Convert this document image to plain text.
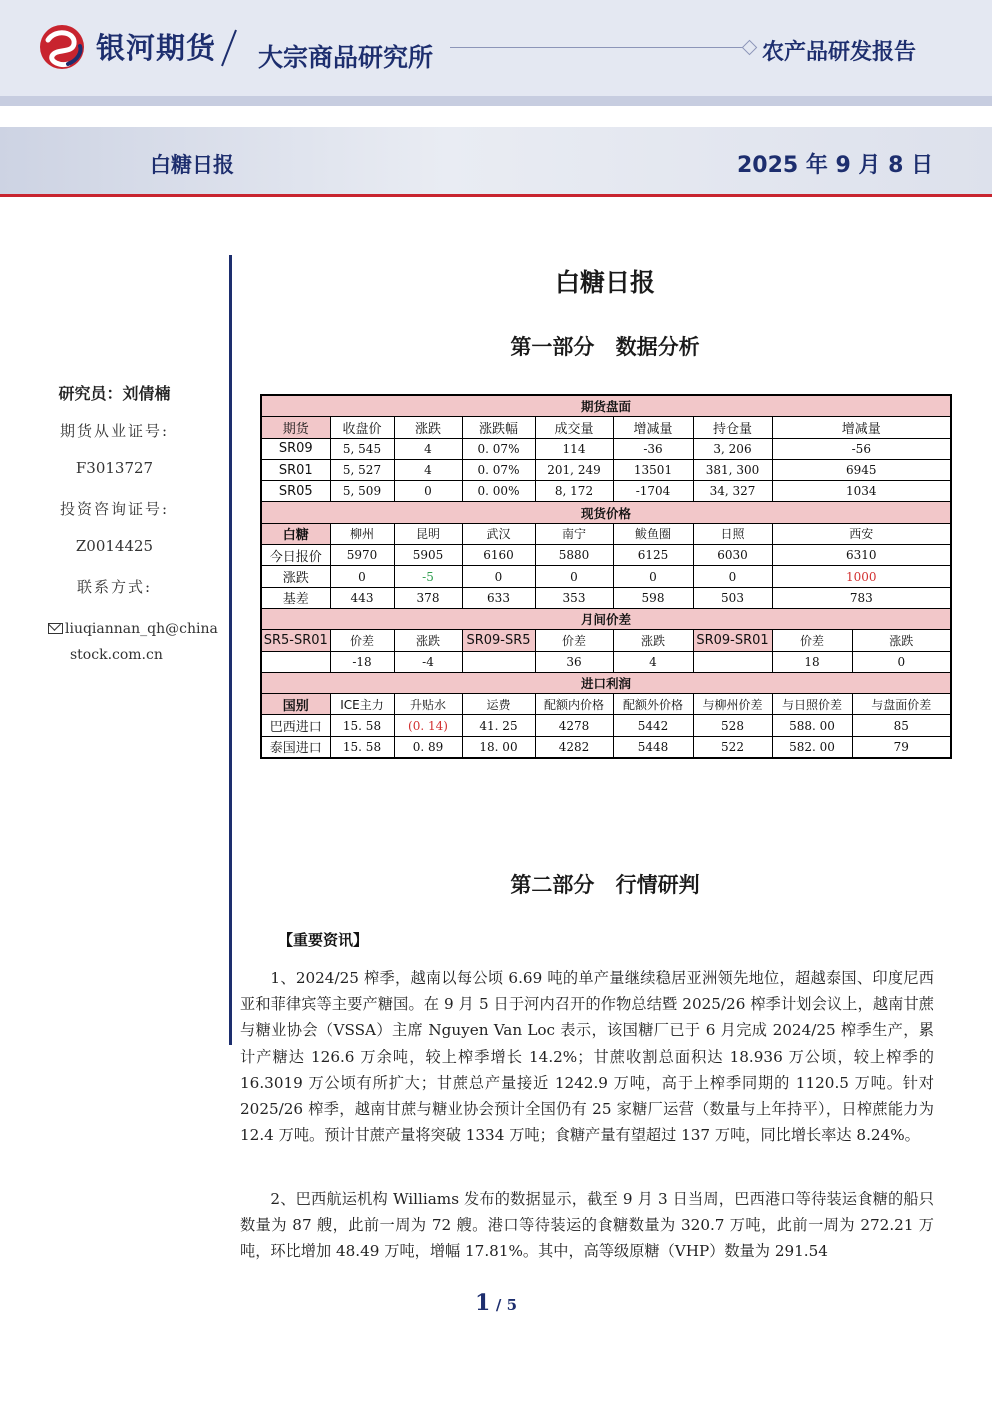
银河期货 大宗商品研究所	农产品研发报告
白糖日报	2025 年 9 月 8 日
研究员：刘倩楠
期货从业证号:
F3013727
投资咨询证号:
Z0014425
联系方式:
liuqiannan_qh@china
stock.com.cn
白糖日报
第一部分 数据分析
期货盘面								
期货	收盘价	涨跌	涨跌幅	成交量	增减量	持仓量	增减量	
SR09	5, 545	4	0. 07%	114	-36	3, 206	-56	
SR01	5, 527	4	0. 07%	201, 249	13501	381, 300	6945	
SR05	5, 509	0	0. 00%	8, 172	-1704	34, 327	1034	
现货价格								
白糖	柳州	昆明	武汉	南宁	鲅鱼圈	日照	西安	
今日报价	5970	5905	6160	5880	6125	6030	6310	
涨跌	0	-5	0	0	0	0	1000	
基差	443	378	633	353	598	503	783	
月间价差								
SR5-SR01	价差	涨跌	SR09-SR5	价差	涨跌	SR09-SR01	价差	涨跌
	-18	-4		36	4		18	0
进口利润								
国别	ICE主力	升贴水	运费	配额内价格	配额外价格	与柳州价差	与日照价差	与盘面价差
巴西进口	15. 58	(0. 14)	41. 25	4278	5442	528	588. 00	85
泰国进口	15. 58	0. 89	18. 00	4282	5448	522	582. 00	79
第二部分 行情研判
【重要资讯】

1、2024/25 榨季，越南以每公顷 6.69 吨的单产量继续稳居亚洲领先地位，超越泰国、印度尼西亚和菲律宾等主要产糖国。在 9 月 5 日于河内召开的作物总结暨 2025/26 榨季计划会议上，越南甘蔗与糖业协会（VSSA）主席 Nguyen Van Loc 表示，该国糖厂已于 6 月完成 2024/25 榨季生产，累计产糖达 126.6 万余吨，较上榨季增长 14.2%；甘蔗收割总面积达 18.936 万公顷，较上榨季的 16.3019 万公顷有所扩大；甘蔗总产量接近 1242.9 万吨，高于上榨季同期的 1120.5 万吨。针对 2025/26 榨季，越南甘蔗与糖业协会预计全国仍有 25 家糖厂运营（数量与上年持平），日榨蔗能力为 12.4 万吨。预计甘蔗产量将突破 1334 万吨；食糖产量有望超过 137 万吨，同比增长率达 8.24%。

2、巴西航运机构 Williams 发布的数据显示，截至 9 月 3 日当周，巴西港口等待装运食糖的船只数量为 87 艘，此前一周为 72 艘。港口等待装运的食糖数量为 320.7 万吨，此前一周为 272.21 万吨，环比增加 48.49 万吨，增幅 17.81%。其中，高等级原糖（VHP）数量为 291.54

1 / 5
